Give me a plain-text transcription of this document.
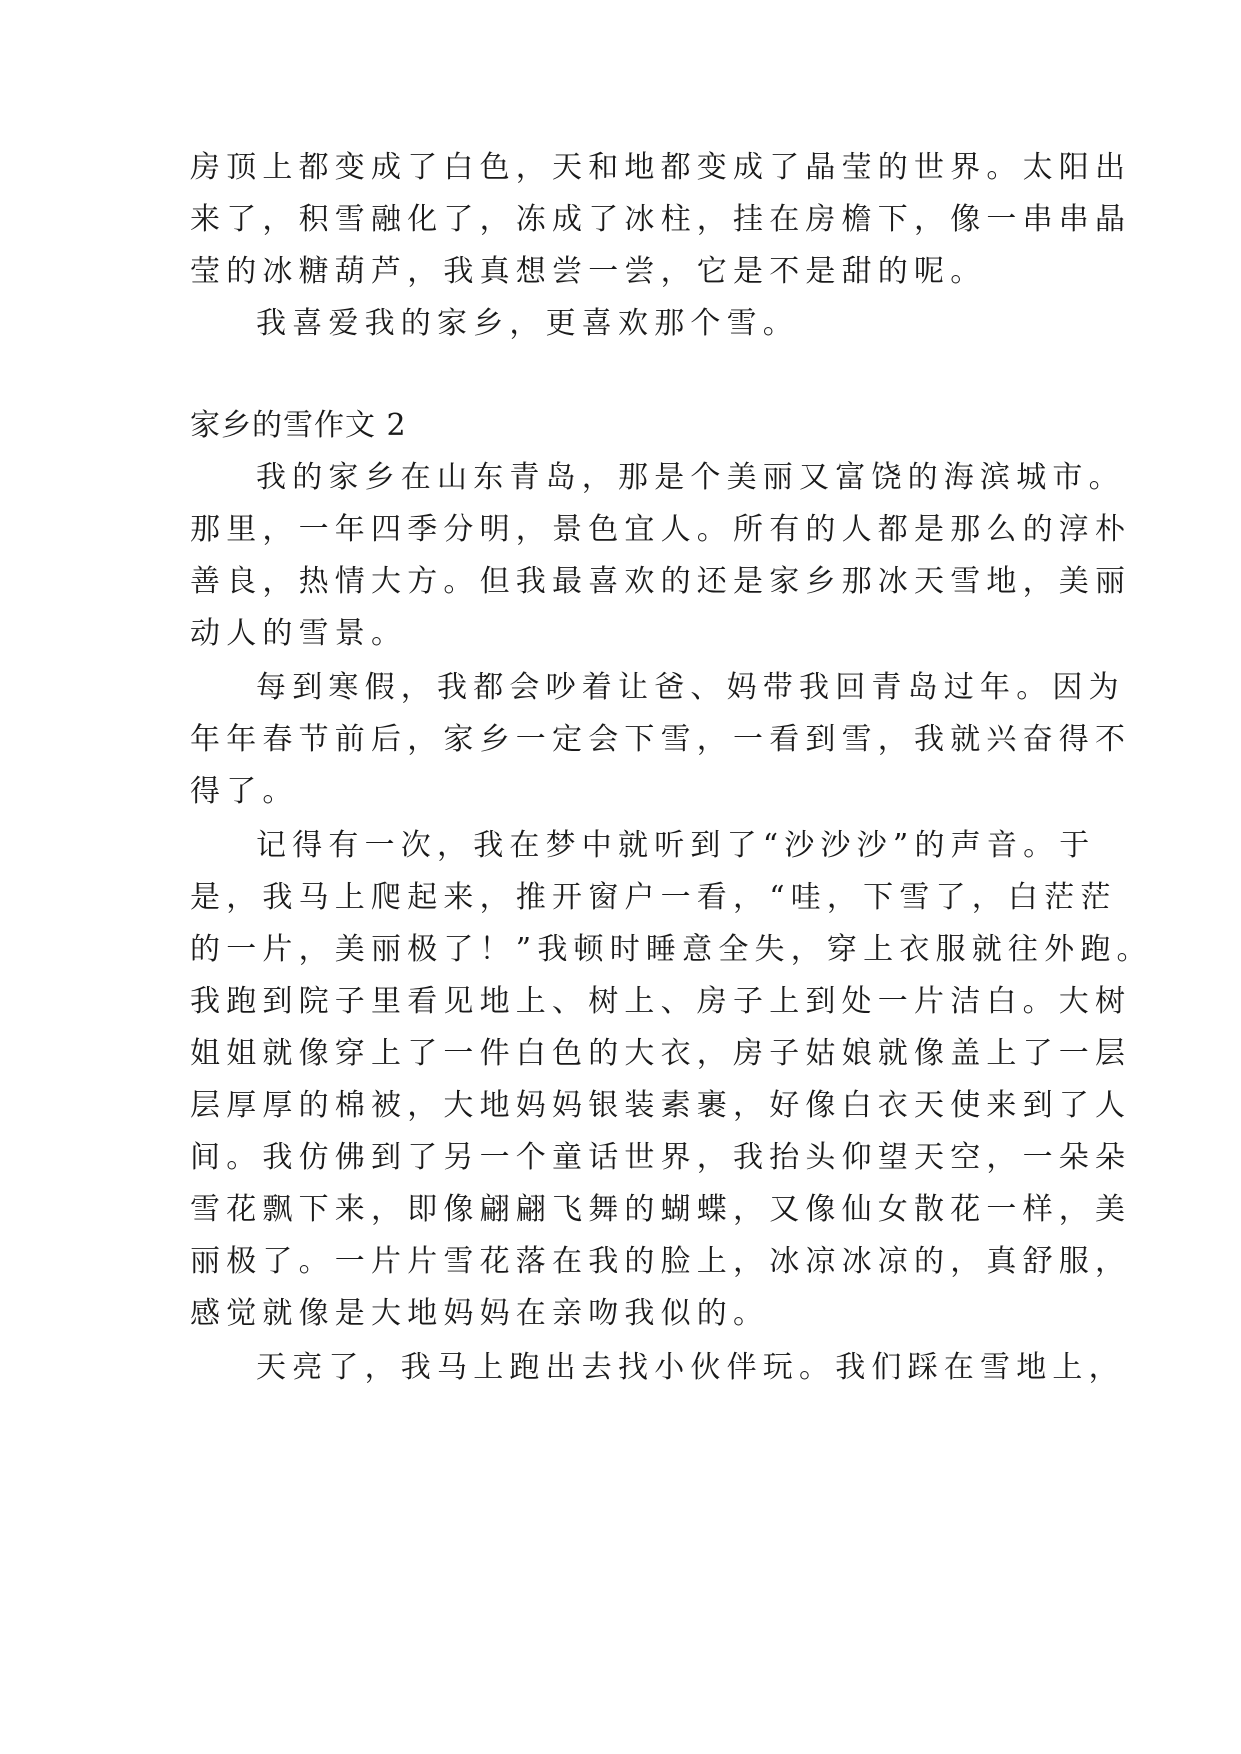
房顶上都变成了白色，天和地都变成了晶莹的世界。太阳出
来了，积雪融化了，冻成了冰柱，挂在房檐下，像一串串晶
莹的冰糖葫芦，我真想尝一尝，它是不是甜的呢。
我喜爱我的家乡，更喜欢那个雪。
家乡的雪作文 2
我的家乡在山东青岛，那是个美丽又富饶的海滨城市。
那里，一年四季分明，景色宜人。所有的人都是那么的淳朴
善良，热情大方。但我最喜欢的还是家乡那冰天雪地，美丽
动人的雪景。
每到寒假，我都会吵着让爸、妈带我回青岛过年。因为
年年春节前后，家乡一定会下雪，一看到雪，我就兴奋得不
得了。
记得有一次，我在梦中就听到了“沙沙沙”的声音。于
是，我马上爬起来，推开窗户一看，“哇，下雪了，白茫茫
的一片，美丽极了！”我顿时睡意全失，穿上衣服就往外跑。
我跑到院子里看见地上、树上、房子上到处一片洁白。大树
姐姐就像穿上了一件白色的大衣，房子姑娘就像盖上了一层
层厚厚的棉被，大地妈妈银装素裹，好像白衣天使来到了人
间。我仿佛到了另一个童话世界，我抬头仰望天空，一朵朵
雪花飘下来，即像翩翩飞舞的蝴蝶，又像仙女散花一样，美
丽极了。一片片雪花落在我的脸上，冰凉冰凉的，真舒服，
感觉就像是大地妈妈在亲吻我似的。
天亮了，我马上跑出去找小伙伴玩。我们踩在雪地上，
